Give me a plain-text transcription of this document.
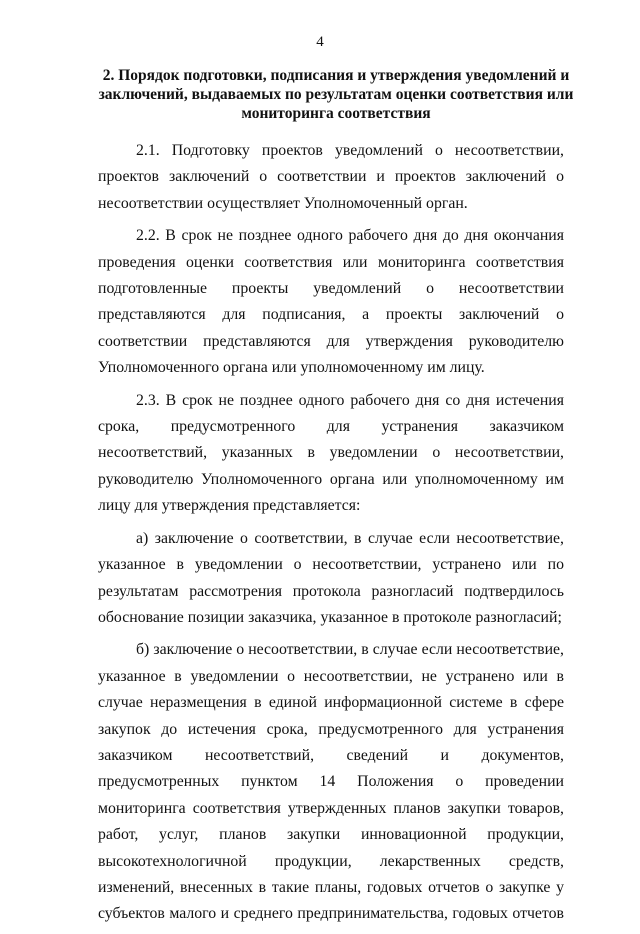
4
2. Порядок подготовки, подписания и утверждения уведомлений и заключений, выдаваемых по результатам оценки соответствия или мониторинга соответствия

2.1. Подготовку проектов уведомлений о несоответствии, проектов заключений о соответствии и проектов заключений о несоответствии осуществляет Уполномоченный орган.

2.2. В срок не позднее одного рабочего дня до дня окончания проведения оценки соответствия или мониторинга соответствия подготовленные проекты уведомлений о несоответствии представляются для подписания, а проекты заключений о соответствии представляются для утверждения руководителю Уполномоченного органа или уполномоченному им лицу.

2.3. В срок не позднее одного рабочего дня со дня истечения срока, предусмотренного для устранения заказчиком несоответствий, указанных в уведомлении о несоответствии, руководителю Уполномоченного органа или уполномоченному им лицу для утверждения представляется:

а) заключение о соответствии, в случае если несоответствие, указанное в уведомлении о несоответствии, устранено или по результатам рассмотрения протокола разногласий подтвердилось обоснование позиции заказчика, указанное в протоколе разногласий;

б) заключение о несоответствии, в случае если несоответствие, указанное в уведомлении о несоответствии, не устранено или в случае неразмещения в единой информационной системе в сфере закупок до истечения срока, предусмотренного для устранения заказчиком несоответствий, сведений и документов, предусмотренных пунктом 14 Положения о проведении мониторинга соответствия утвержденных планов закупки товаров, работ, услуг, планов закупки инновационной продукции, высокотехнологичной продукции, лекарственных средств, изменений, внесенных в такие планы, годовых отчетов о закупке у субъектов малого и среднего предпринимательства, годовых отчетов
